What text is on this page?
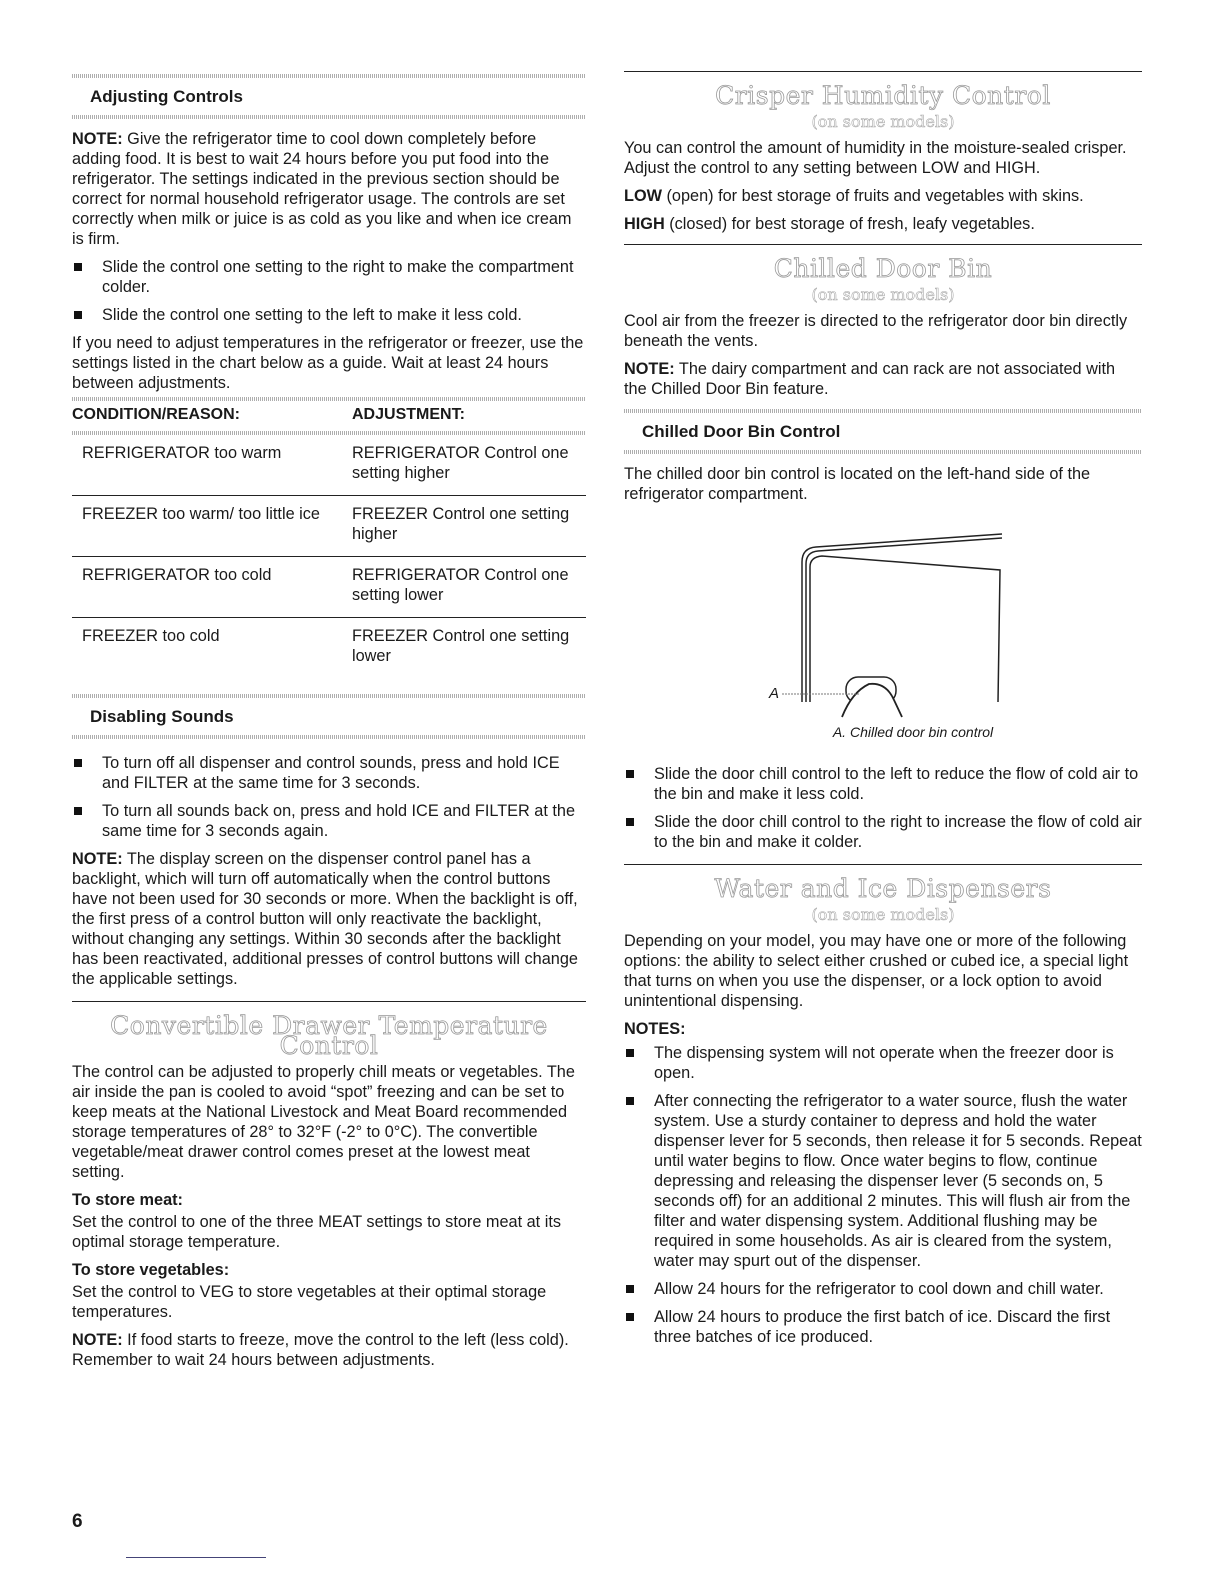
Adjusting Controls

NOTE: Give the refrigerator time to cool down completely before adding food. It is best to wait 24 hours before you put food into the refrigerator. The settings indicated in the previous section should be correct for normal household refrigerator usage. The controls are set correctly when milk or juice is as cold as you like and when ice cream is firm.

Slide the control one setting to the right to make the compartment colder.
Slide the control one setting to the left to make it less cold.

If you need to adjust temperatures in the refrigerator or freezer, use the settings listed in the chart below as a guide. Wait at least 24 hours between adjustments.

CONDITION/REASON:	ADJUSTMENT:

REFRIGERATOR too warm	REFRIGERATOR Control one setting higher
FREEZER too warm/ too little ice	FREEZER Control one setting higher
REFRIGERATOR too cold	REFRIGERATOR Control one setting lower
FREEZER too cold	FREEZER Control one setting lower
Disabling Sounds
To turn off all dispenser and control sounds, press and hold ICE and FILTER at the same time for 3 seconds.
To turn all sounds back on, press and hold ICE and FILTER at the same time for 3 seconds again.

NOTE: The display screen on the dispenser control panel has a backlight, which will turn off automatically when the control buttons have not been used for 30 seconds or more. When the backlight is off, the first press of a control button will only reactivate the backlight, without changing any settings. Within 30 seconds after the backlight has been reactivated, additional presses of control buttons will change the applicable settings.

Convertible Drawer Temperature Control

The control can be adjusted to properly chill meats or vegetables. The air inside the pan is cooled to avoid “spot” freezing and can be set to keep meats at the National Livestock and Meat Board recommended storage temperatures of 28° to 32°F (-2° to 0°C). The convertible vegetable/meat drawer control comes preset at the lowest meat setting.

To store meat:

Set the control to one of the three MEAT settings to store meat at its optimal storage temperature.

To store vegetables:

Set the control to VEG to store vegetables at their optimal storage temperatures.

NOTE: If food starts to freeze, move the control to the left (less cold). Remember to wait 24 hours between adjustments.

Crisper Humidity Control
(on some models)

You can control the amount of humidity in the moisture-sealed crisper. Adjust the control to any setting between LOW and HIGH.

LOW (open) for best storage of fruits and vegetables with skins.

HIGH (closed) for best storage of fresh, leafy vegetables.

Chilled Door Bin
(on some models)

Cool air from the freezer is directed to the refrigerator door bin directly beneath the vents.

NOTE: The dairy compartment and can rack are not associated with the Chilled Door Bin feature.

Chilled Door Bin Control

The chilled door bin control is located on the left-hand side of the refrigerator compartment.

A

A. Chilled door bin control

Slide the door chill control to the left to reduce the flow of cold air to the bin and make it less cold.
Slide the door chill control to the right to increase the flow of cold air to the bin and make it colder.
Water and Ice Dispensers
(on some models)

Depending on your model, you may have one or more of the following options: the ability to select either crushed or cubed ice, a special light that turns on when you use the dispenser, or a lock option to avoid unintentional dispensing.

NOTES:

The dispensing system will not operate when the freezer door is open.
After connecting the refrigerator to a water source, flush the water system. Use a sturdy container to depress and hold the water dispenser lever for 5 seconds, then release it for 5 seconds. Repeat until water begins to flow. Once water begins to flow, continue depressing and releasing the dispenser lever (5 seconds on, 5 seconds off) for an additional 2 minutes. This will flush air from the filter and water dispensing system. Additional flushing may be required in some households. As air is cleared from the system, water may spurt out of the dispenser.
Allow 24 hours for the refrigerator to cool down and chill water.
Allow 24 hours to produce the first batch of ice. Discard the first three batches of ice produced.
6
